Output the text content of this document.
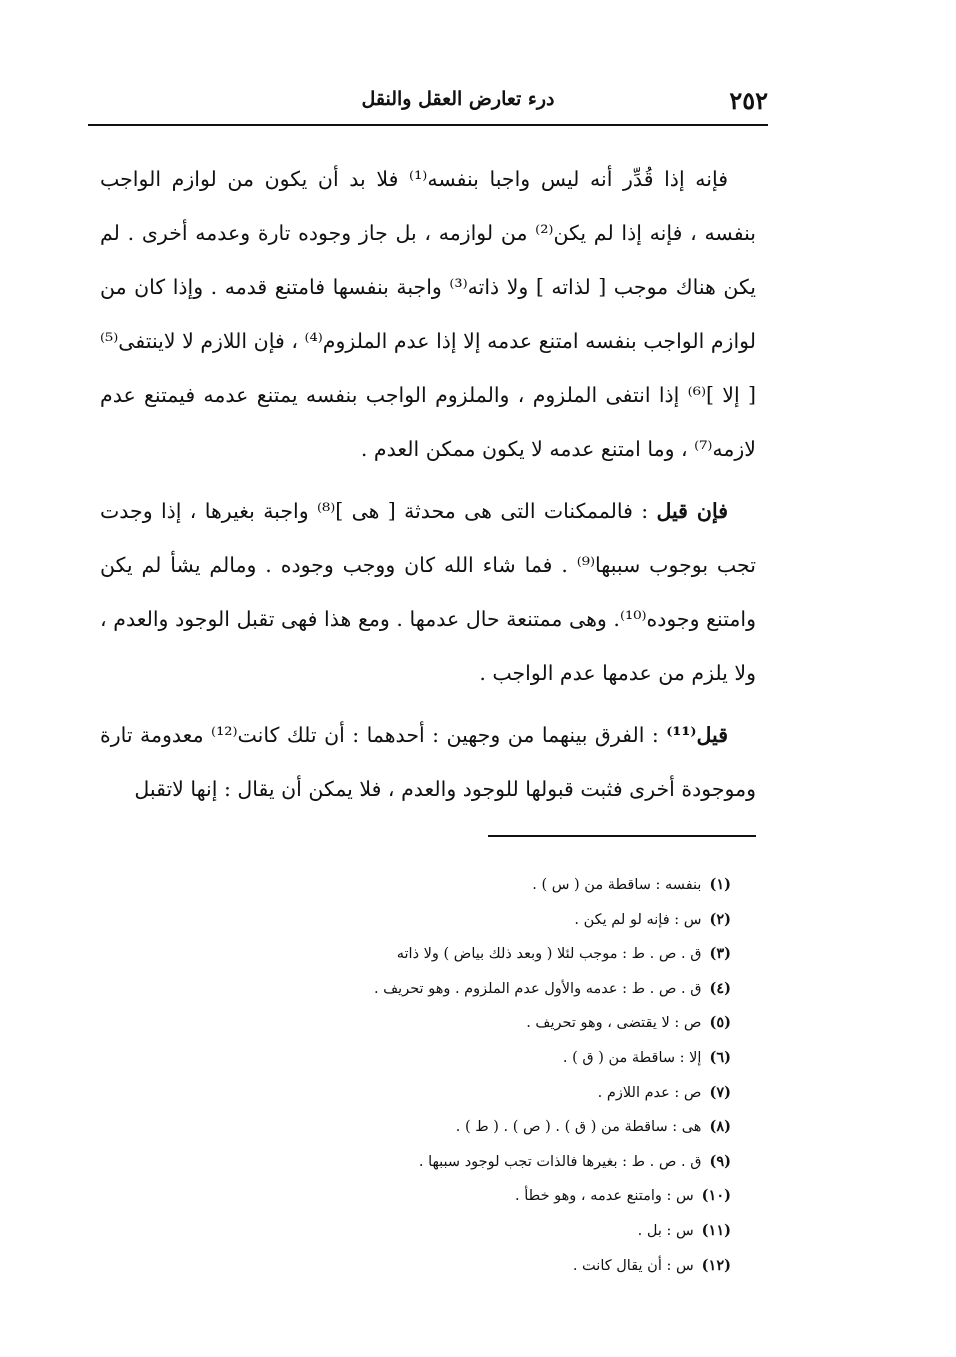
٢٥٢
درء تعارض العقل والنقل

فإنه إذا قُدِّر أنه ليس واجبا بنفسه⁽¹⁾ فلا بد أن يكون من لوازم الواجب بنفسه ، فإنه إذا لم يكن⁽²⁾ من لوازمه ، بل جاز وجوده تارة وعدمه أخرى . لم يكن هناك موجب [ لذاته ] ولا ذاته⁽³⁾ واجبة بنفسها فامتنع قدمه . وإذا كان من لوازم الواجب بنفسه امتنع عدمه إلا إذا عدم الملزوم⁽⁴⁾ ، فإن اللازم لا لاينتفى⁽⁵⁾ [ إلا ]⁽⁶⁾ إذا انتفى الملزوم ، والملزوم الواجب بنفسه يمتنع عدمه فيمتنع عدم لازمه⁽⁷⁾ ، وما امتنع عدمه لا يكون ممكن العدم .

فإن قيل : فالممكنات التى هى محدثة [ هى ]⁽⁸⁾ واجبة بغيرها ، إذا وجدت تجب بوجوب سببها⁽⁹⁾ . فما شاء الله كان ووجب وجوده . ومالم يشأ لم يكن وامتنع وجوده⁽¹⁰⁾. وهى ممتنعة حال عدمها . ومع هذا فهى تقبل الوجود والعدم ، ولا يلزم من عدمها عدم الواجب .

قيل⁽¹¹⁾ : الفرق بينهما من وجهين : أحدهما : أن تلك كانت⁽¹²⁾ معدومة تارة وموجودة أخرى فثبت قبولها للوجود والعدم ، فلا يمكن أن يقال : إنها لاتقبل

(١)بنفسه : ساقطة من ( س ) .
(٢)س : فإنه لو لم يكن .
(٣)ق . ص . ط : موجب لئلا ( وبعد ذلك بياض ) ولا ذاته
(٤)ق . ص . ط : عدمه والأول عدم الملزوم . وهو تحريف .
(٥)ص : لا يقتضى ، وهو تحريف .
(٦)إلا : ساقطة من ( ق ) .
(٧)ص : عدم اللازم .
(٨)هى : ساقطة من ( ق ) . ( ص ) . ( ط ) .
(٩)ق . ص . ط : بغيرها فالذات تجب لوجود سببها .
(١٠)س : وامتنع عدمه ، وهو خطأ .
(١١)س : بل .
(١٢)س : أن يقال كانت .
